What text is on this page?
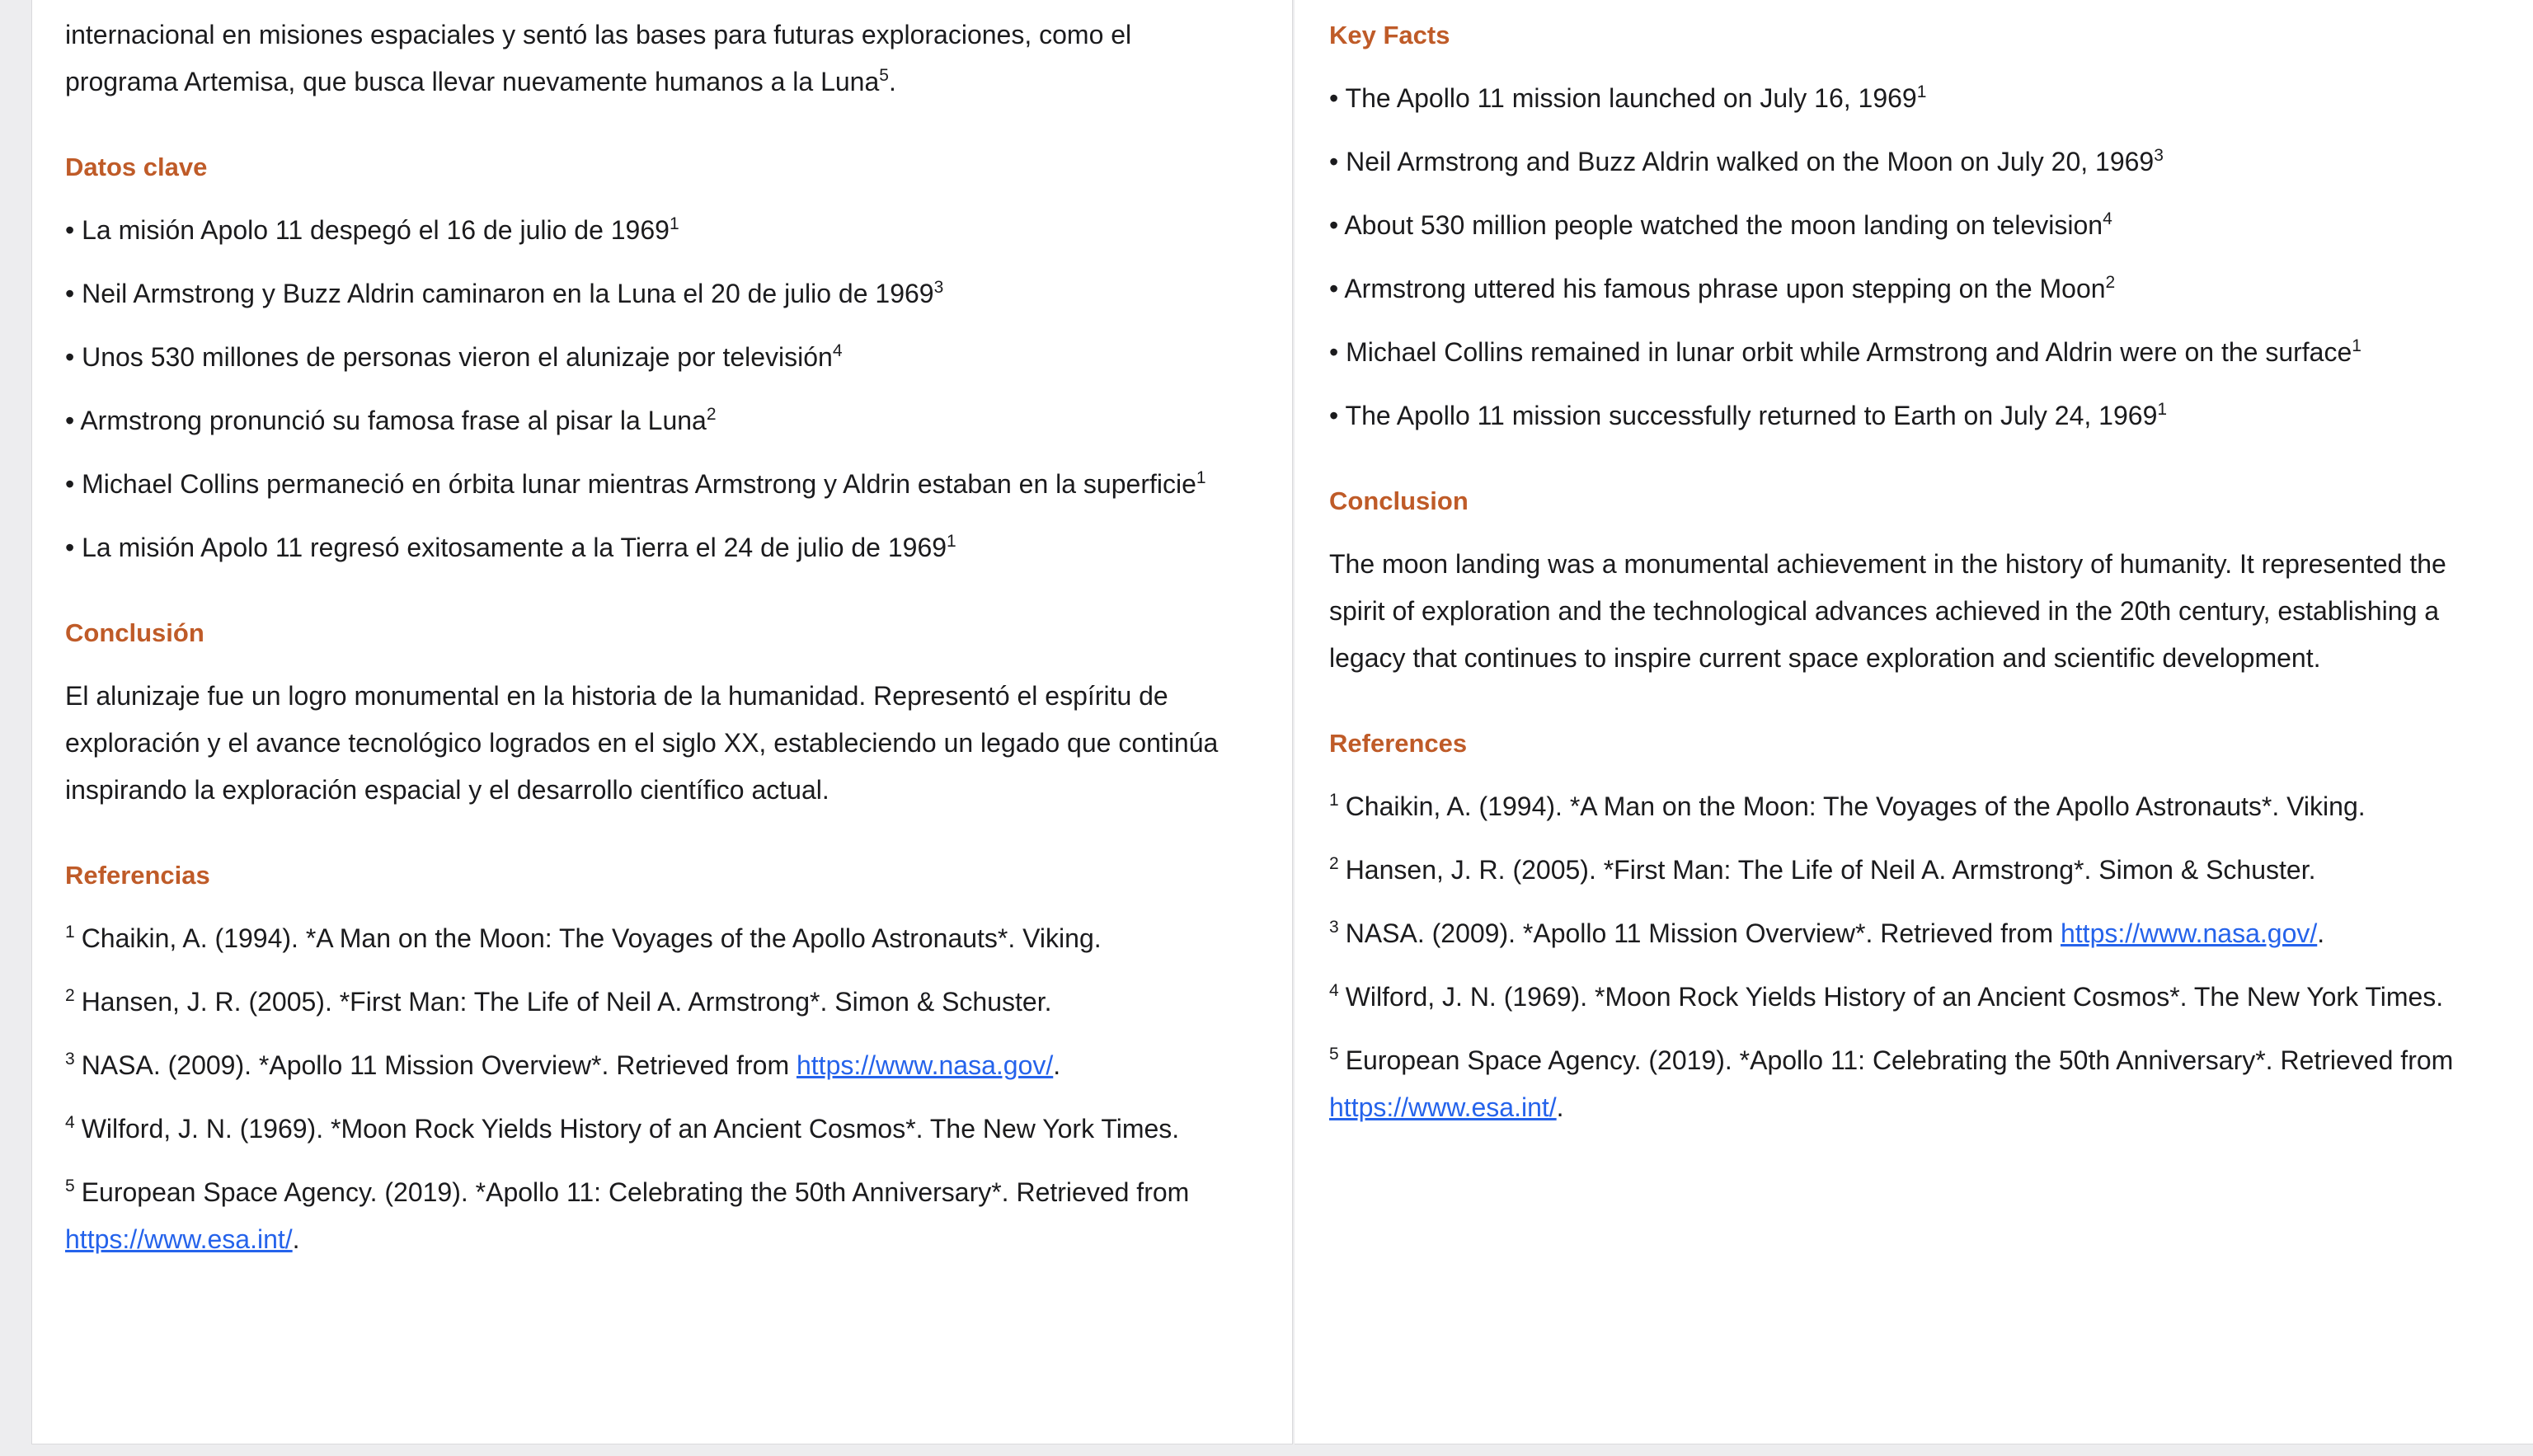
internacional en misiones espaciales y sentó las bases para futuras exploraciones, como el programa Artemisa, que busca llevar nuevamente humanos a la Luna$^5$.

Datos clave

• La misión Apolo 11 despegó el 16 de julio de 1969$^1$

• Neil Armstrong y Buzz Aldrin caminaron en la Luna el 20 de julio de 1969$^3$

• Unos 530 millones de personas vieron el alunizaje por televisión$^4$

• Armstrong pronunció su famosa frase al pisar la Luna$^2$

• Michael Collins permaneció en órbita lunar mientras Armstrong y Aldrin estaban en la superficie$^1$

• La misión Apolo 11 regresó exitosamente a la Tierra el 24 de julio de 1969$^1$

Conclusión

El alunizaje fue un logro monumental en la historia de la humanidad. Representó el espíritu de exploración y el avance tecnológico logrados en el siglo XX, estableciendo un legado que continúa inspirando la exploración espacial y el desarrollo científico actual.

Referencias

$^1$ Chaikin, A. (1994). *A Man on the Moon: The Voyages of the Apollo Astronauts*. Viking.

$^2$ Hansen, J. R. (2005). *First Man: The Life of Neil A. Armstrong*. Simon & Schuster.

$^3$ NASA. (2009). *Apollo 11 Mission Overview*. Retrieved from https://www.nasa.gov/.

$^4$ Wilford, J. N. (1969). *Moon Rock Yields History of an Ancient Cosmos*. The New York Times.

$^5$ European Space Agency. (2019). *Apollo 11: Celebrating the 50th Anniversary*. Retrieved from https://www.esa.int/.

Key Facts

• The Apollo 11 mission launched on July 16, 1969$^1$

• Neil Armstrong and Buzz Aldrin walked on the Moon on July 20, 1969$^3$

• About 530 million people watched the moon landing on television$^4$

• Armstrong uttered his famous phrase upon stepping on the Moon$^2$

• Michael Collins remained in lunar orbit while Armstrong and Aldrin were on the surface$^1$

• The Apollo 11 mission successfully returned to Earth on July 24, 1969$^1$

Conclusion

The moon landing was a monumental achievement in the history of humanity. It represented the spirit of exploration and the technological advances achieved in the 20th century, establishing a legacy that continues to inspire current space exploration and scientific development.

References

$^1$ Chaikin, A. (1994). *A Man on the Moon: The Voyages of the Apollo Astronauts*. Viking.

$^2$ Hansen, J. R. (2005). *First Man: The Life of Neil A. Armstrong*. Simon & Schuster.

$^3$ NASA. (2009). *Apollo 11 Mission Overview*. Retrieved from https://www.nasa.gov/.

$^4$ Wilford, J. N. (1969). *Moon Rock Yields History of an Ancient Cosmos*. The New York Times.

$^5$ European Space Agency. (2019). *Apollo 11: Celebrating the 50th Anniversary*. Retrieved from https://www.esa.int/.
